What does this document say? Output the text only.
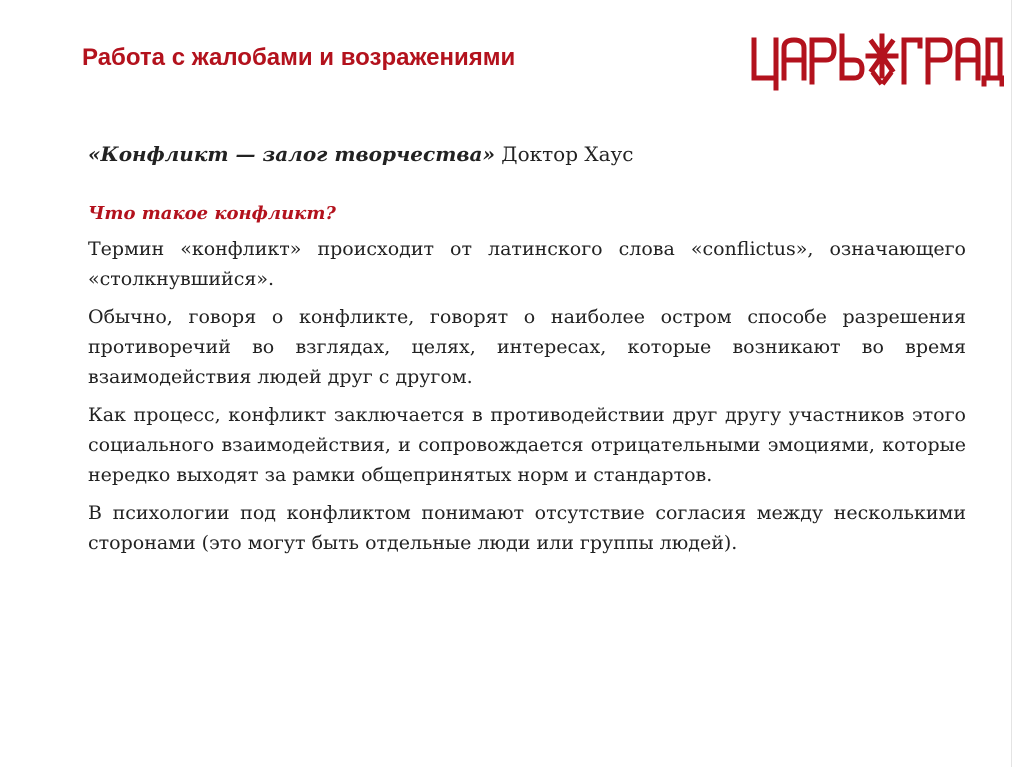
Работа с жалобами и возражениями
«Конфликт — залог творчества» Доктор Хаус
Что такое конфликт?

Термин «конфликт» происходит от латинского слова «conflictus», означающего «столкнувшийся».

Обычно, говоря о конфликте, говорят о наиболее остром способе разрешения противоречий во взглядах, целях, интересах, которые возникают во время взаимодействия людей друг с другом.

Как процесс, конфликт заключается в противодействии друг другу участников этого социального взаимодействия, и сопровождается отрицательными эмоциями, которые нередко выходят за рамки общепринятых норм и стандартов.

В психологии под конфликтом понимают отсутствие согласия между несколькими сторонами (это могут быть отдельные люди или группы людей).
